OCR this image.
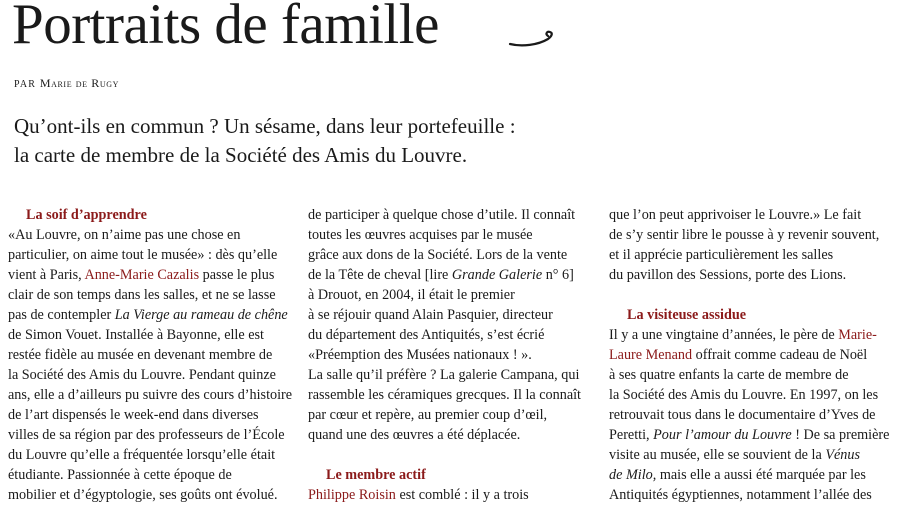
Portraits de famille

PAR Marie de Rugy

Qu’ont-ils en commun ? Un sésame, dans leur portefeuille :
la carte de membre de la Société des Amis du Louvre.

La soif d’apprendre
«Au Louvre, on n’aime pas une chose en
particulier, on aime tout le musée» : dès qu’elle
vient à Paris, Anne-Marie Cazalis passe le plus
clair de son temps dans les salles, et ne se lasse
pas de contempler La Vierge au rameau de chêne
de Simon Vouet. Installée à Bayonne, elle est
restée fidèle au musée en devenant membre de
la Société des Amis du Louvre. Pendant quinze
ans, elle a d’ailleurs pu suivre des cours d’histoire
de l’art dispensés le week-end dans diverses
villes de sa région par des professeurs de l’École
du Louvre qu’elle a fréquentée lorsqu’elle était
étudiante. Passionnée à cette époque de
mobilier et d’égyptologie, ses goûts ont évolué.
de participer à quelque chose d’utile. Il connaît
toutes les œuvres acquises par le musée
grâce aux dons de la Société. Lors de la vente
de la Tête de cheval [lire Grande Galerie n° 6]
à Drouot, en 2004, il était le premier
à se réjouir quand Alain Pasquier, directeur
du département des Antiquités, s’est écrié
«Préemption des Musées nationaux ! ».
La salle qu’il préfère ? La galerie Campana, qui
rassemble les céramiques grecques. Il la connaît
par cœur et repère, au premier coup d’œil,
quand une des œuvres a été déplacée.
Le membre actif
Philippe Roisin est comblé : il y a trois
que l’on peut apprivoiser le Louvre.» Le fait
de s’y sentir libre le pousse à y revenir souvent,
et il apprécie particulièrement les salles
du pavillon des Sessions, porte des Lions.
La visiteuse assidue
Il y a une vingtaine d’années, le père de Marie-
Laure Menand offrait comme cadeau de Noël
à ses quatre enfants la carte de membre de
la Société des Amis du Louvre. En 1997, on les
retrouvait tous dans le documentaire d’Yves de
Peretti, Pour l’amour du Louvre ! De sa première
visite au musée, elle se souvient de la Vénus
de Milo, mais elle a aussi été marquée par les
Antiquités égyptiennes, notamment l’allée des
